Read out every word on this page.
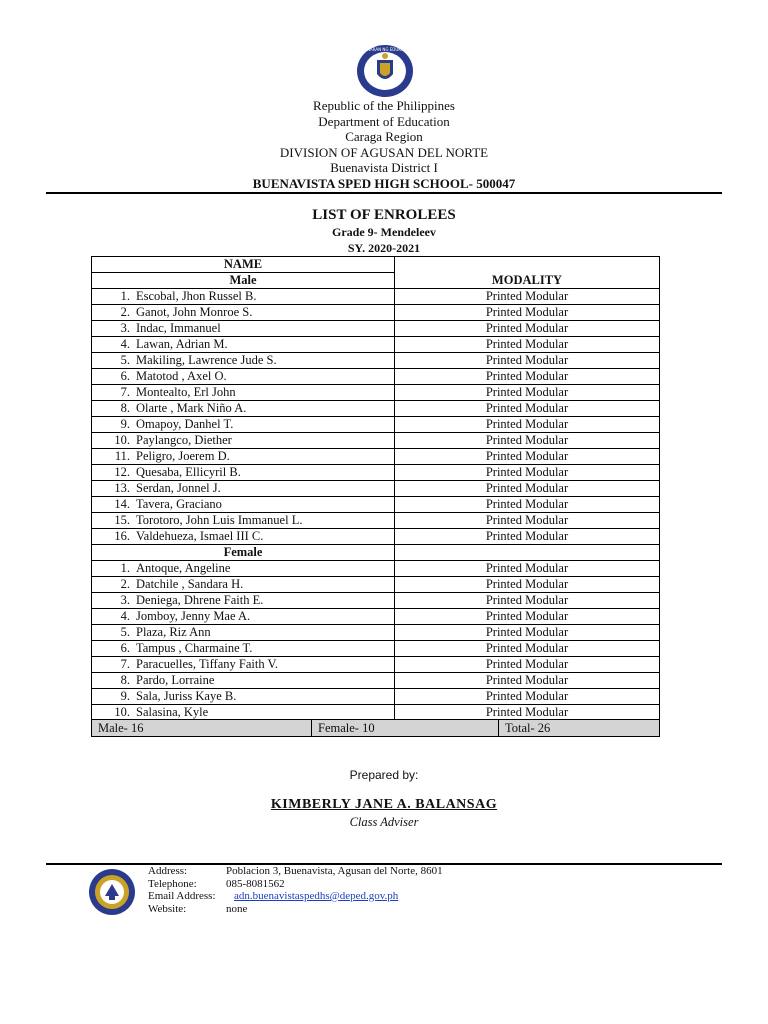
KAGAWARAN NG EDUKASYON
Republic of the Philippines
Department of Education
Caraga Region
DIVISION OF AGUSAN DEL NORTE
Buenavista District I
BUENAVISTA SPED HIGH SCHOOL- 500047
LIST OF ENROLEES
Grade 9- Mendeleev
SY. 2020-2021
NAME	
Male	MODALITY
1. Escobal, Jhon Russel B.	Printed Modular
2. Ganot, John Monroe S.	Printed Modular
3. Indac, Immanuel	Printed Modular
4. Lawan, Adrian M.	Printed Modular
5. Makiling, Lawrence Jude S.	Printed Modular
6. Matotod , Axel O.	Printed Modular
7. Montealto, Erl John	Printed Modular
8. Olarte , Mark Niño A.	Printed Modular
9. Omapoy, Danhel T.	Printed Modular
10. Paylangco, Diether	Printed Modular
11. Peligro, Joerem D.	Printed Modular
12. Quesaba, Ellicyril B.	Printed Modular
13. Serdan, Jonnel J.	Printed Modular
14. Tavera, Graciano	Printed Modular
15. Torotoro, John Luis Immanuel L.	Printed Modular
16. Valdehueza, Ismael III C.	Printed Modular
Female	
1. Antoque, Angeline	Printed Modular
2. Datchile , Sandara H.	Printed Modular
3. Deniega, Dhrene Faith E.	Printed Modular
4. Jomboy, Jenny Mae A.	Printed Modular
5. Plaza, Riz Ann	Printed Modular
6. Tampus , Charmaine T.	Printed Modular
7. Paracuelles, Tiffany Faith V.	Printed Modular
8. Pardo, Lorraine	Printed Modular
9. Sala, Juriss Kaye B.	Printed Modular
10. Salasina, Kyle	Printed Modular
Male- 16	Female- 10	Total- 26
Prepared by:
KIMBERLY JANE A. BALANSAG
Class Adviser
Address:	Poblacion 3, Buenavista, Agusan del Norte, 8601
Telephone:	085-8081562
Email Address:	adn.buenavistaspedhs@deped.gov.ph
Website:	none
